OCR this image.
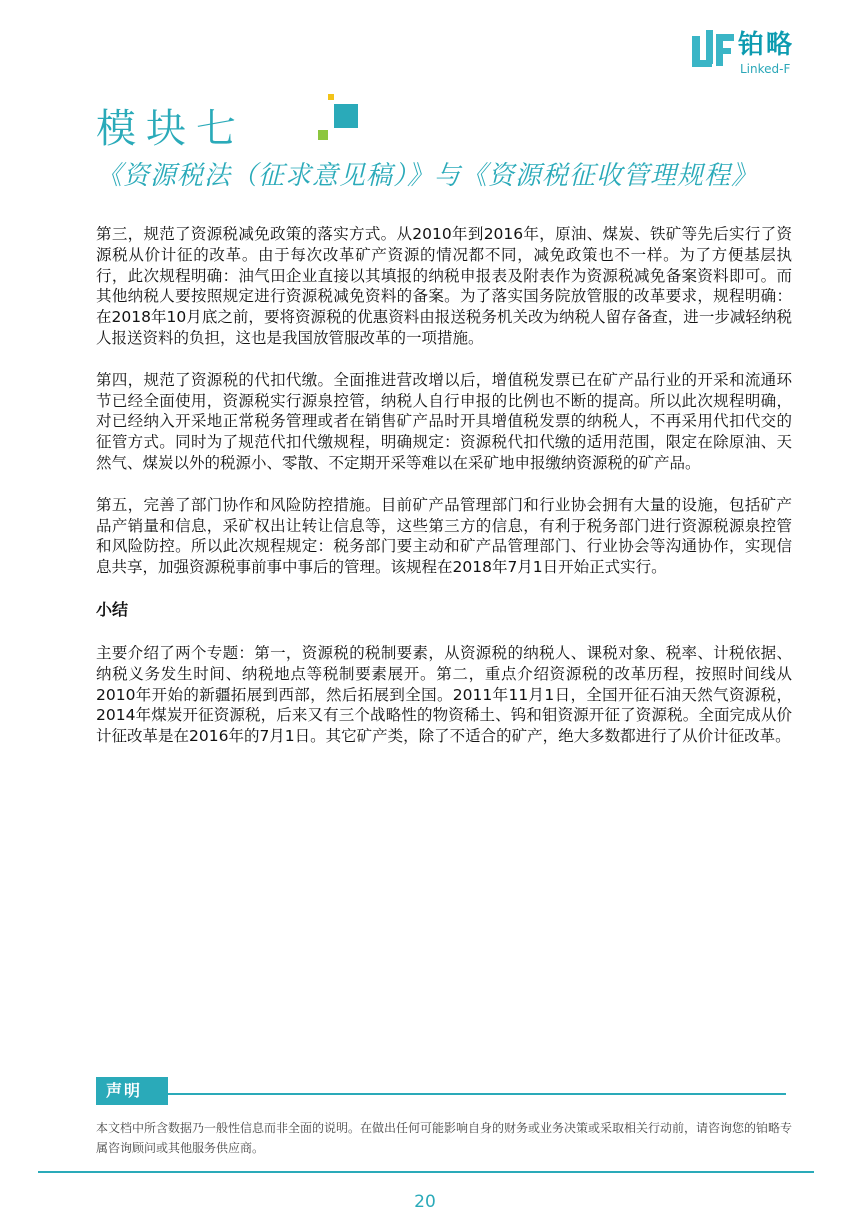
铂略
Linked-F
模块七
《资源税法（征求意见稿）》与《资源税征收管理规程》

第三，规范了资源税减免政策的落实方式。从2010年到2016年，原油、煤炭、铁矿等先后实行了资源税从价计征的改革。由于每次改革矿产资源的情况都不同，减免政策也不一样。为了方便基层执行，此次规程明确：油气田企业直接以其填报的纳税申报表及附表作为资源税减免备案资料即可。而其他纳税人要按照规定进行资源税减免资料的备案。为了落实国务院放管服的改革要求，规程明确：在2018年10月底之前，要将资源税的优惠资料由报送税务机关改为纳税人留存备查，进一步减轻纳税人报送资料的负担，这也是我国放管服改革的一项措施。

第四，规范了资源税的代扣代缴。全面推进营改增以后，增值税发票已在矿产品行业的开采和流通环节已经全面使用，资源税实行源泉控管，纳税人自行申报的比例也不断的提高。所以此次规程明确，对已经纳入开采地正常税务管理或者在销售矿产品时开具增值税发票的纳税人，不再采用代扣代交的征管方式。同时为了规范代扣代缴规程，明确规定：资源税代扣代缴的适用范围，限定在除原油、天然气、煤炭以外的税源小、零散、不定期开采等难以在采矿地申报缴纳资源税的矿产品。

第五，完善了部门协作和风险防控措施。目前矿产品管理部门和行业协会拥有大量的设施，包括矿产品产销量和信息，采矿权出让转让信息等，这些第三方的信息，有利于税务部门进行资源税源泉控管和风险防控。所以此次规程规定：税务部门要主动和矿产品管理部门、行业协会等沟通协作，实现信息共享，加强资源税事前事中事后的管理。该规程在2018年7月1日开始正式实行。

小结

主要介绍了两个专题：第一，资源税的税制要素，从资源税的纳税人、课税对象、税率、计税依据、纳税义务发生时间、纳税地点等税制要素展开。第二，重点介绍资源税的改革历程，按照时间线从2010年开始的新疆拓展到西部，然后拓展到全国。2011年11月1日，全国开征石油天然气资源税，2014年煤炭开征资源税，后来又有三个战略性的物资稀土、钨和钼资源开征了资源税。全面完成从价计征改革是在2016年的7月1日。其它矿产类，除了不适合的矿产，绝大多数都进行了从价计征改革。

声明
本文档中所含数据乃一般性信息而非全面的说明。在做出任何可能影响自身的财务或业务决策或采取相关行动前，请咨询您的铂略专属咨询顾问或其他服务供应商。
20
